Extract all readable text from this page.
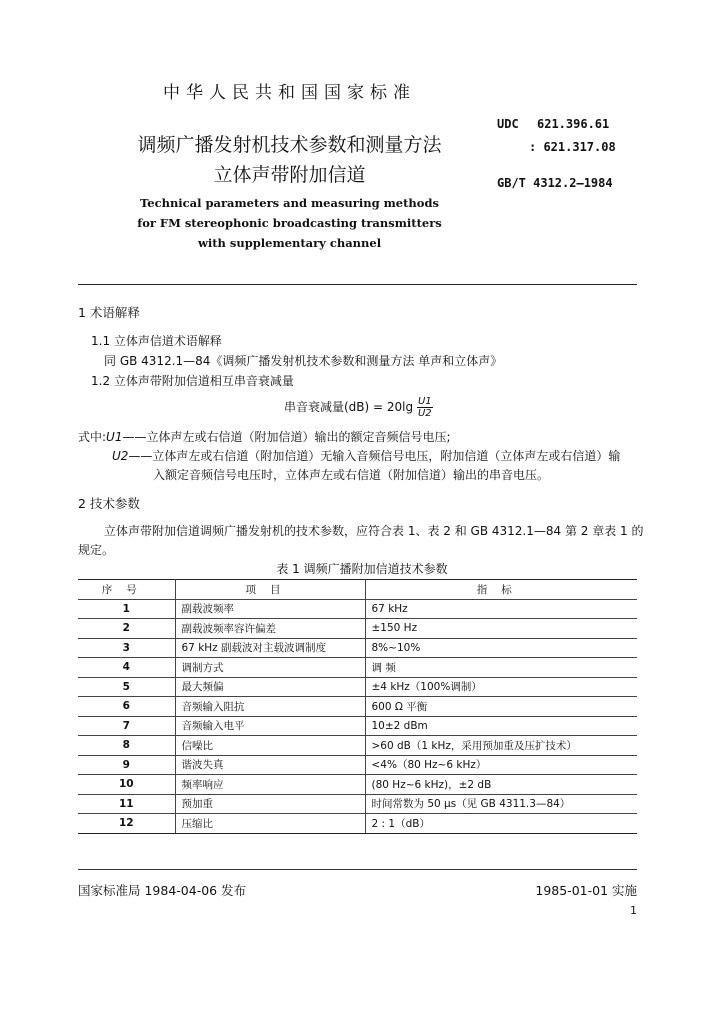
中华人民共和国国家标准
调频广播发射机技术参数和测量方法
立体声带附加信道
Technical parameters and measuring methods
for FM stereophonic broadcasting transmitters
with supplementary channel
UDC 621.396.61
: 621.317.08
GB/T 4312.2—1984
1 术语解释
1.1 立体声信道术语解释
同 GB 4312.1—84《调频广播发射机技术参数和测量方法 单声和立体声》
1.2 立体声带附加信道相互串音衰减量
串音衰减量$(dB) = 20\lg \frac{U1}{U2}$
式中:U1——立体声左或右信道（附加信道）输出的额定音频信号电压;
U2——立体声左或右信道（附加信道）无输入音频信号电压，附加信道（立体声左或右信道）输
入额定音频信号电压时，立体声左或右信道（附加信道）输出的串音电压。
2 技术参数
立体声带附加信道调频广播发射机的技术参数，应符合表 1、表 2 和 GB 4312.1—84 第 2 章表 1 的
规定。
表 1 调频广播附加信道技术参数
序号	项目	指标
1	副载波频率	67 kHz
2	副载波频率容许偏差	±150 Hz
3	67 kHz 副载波对主载波调制度	8%~10%
4	调制方式	调 频
5	最大频偏	±4 kHz（100%调制）
6	音频输入阻抗	600 Ω 平衡
7	音频输入电平	10±2 dBm
8	信噪比	>60 dB（1 kHz，采用预加重及压扩技术）
9	谐波失真	<4%（80 Hz~6 kHz）
10	频率响应	(80 Hz~6 kHz)，±2 dB
11	预加重	时间常数为 50 μs（见 GB 4311.3—84）
12	压缩比	2 : 1（dB）
国家标准局 1984-04-06 发布	1985-01-01 实施
1
